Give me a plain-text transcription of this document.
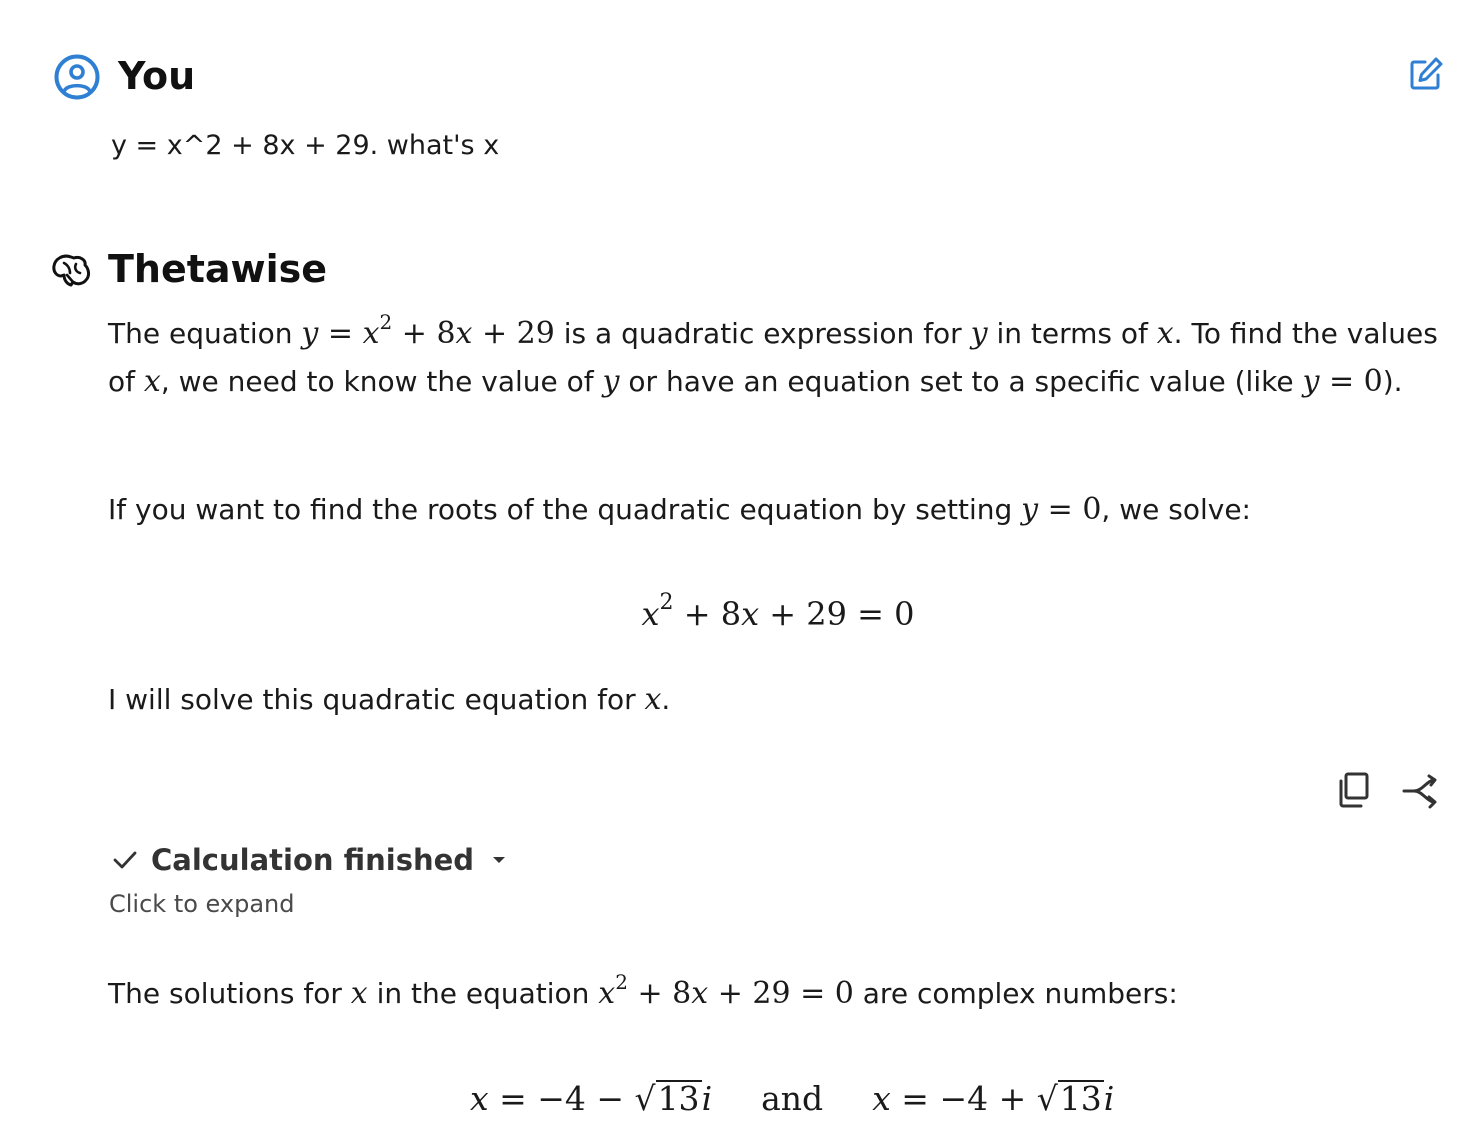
You
y = x^2 + 8x + 29. what's x
Thetawise
The equation $y = x^2 + 8x + 29$ is a quadratic expression for y in terms of x. To find the values of x, we need to know the value of y or have an equation set to a specific value (like y = 0).
If you want to find the roots of the quadratic equation by setting y = 0, we solve:
$x^2 + 8x + 29 = 0$
I will solve this quadratic equation for x.
Calculation finished
Click to expand
The solutions for x in the equation $x^2 + 8x + 29 = 0$ are complex numbers:
x = −4 − √13i and x = −4 + √13i
